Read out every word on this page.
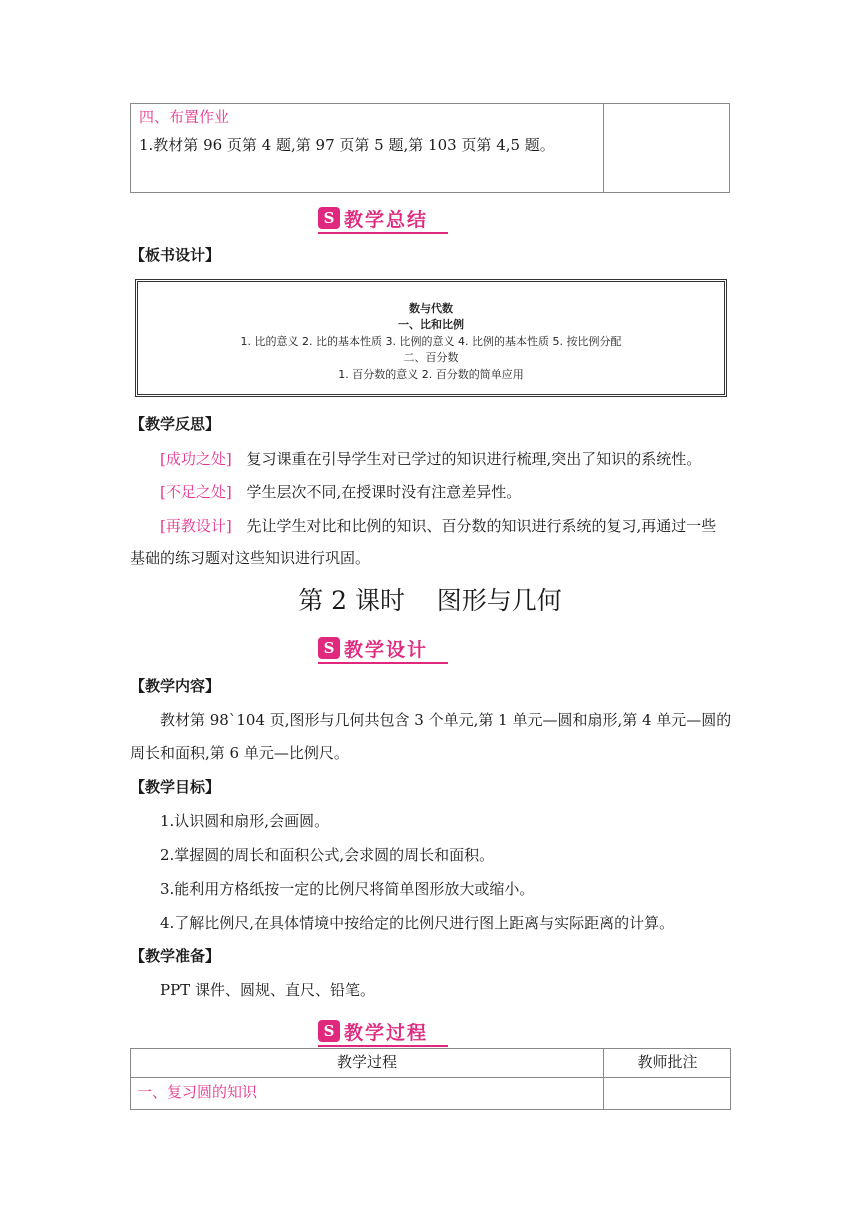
四、布置作业
1.教材第 96 页第 4 题,第 97 页第 5 题,第 103 页第 4,5 题。
S 教学总结
【板书设计】
数与代数
一、比和比例
1. 比的意义 2. 比的基本性质 3. 比例的意义 4. 比例的基本性质 5. 按比例分配
二、百分数
1. 百分数的意义 2. 百分数的简单应用
【教学反思】
[成功之处] 复习课重在引导学生对已学过的知识进行梳理,突出了知识的系统性。
[不足之处] 学生层次不同,在授课时没有注意差异性。
[再教设计] 先让学生对比和比例的知识、百分数的知识进行系统的复习,再通过一些
基础的练习题对这些知识进行巩固。
第 2 课时    图形与几何
S 教学设计
【教学内容】
教材第 98`104 页,图形与几何共包含 3 个单元,第 1 单元—圆和扇形,第 4 单元—圆的
周长和面积,第 6 单元—比例尺。
【教学目标】
1.认识圆和扇形,会画圆。
2.掌握圆的周长和面积公式,会求圆的周长和面积。
3.能利用方格纸按一定的比例尺将简单图形放大或缩小。
4.了解比例尺,在具体情境中按给定的比例尺进行图上距离与实际距离的计算。
【教学准备】
PPT 课件、圆规、直尺、铅笔。
S 教学过程
教学过程	教师批注
一、复习圆的知识
